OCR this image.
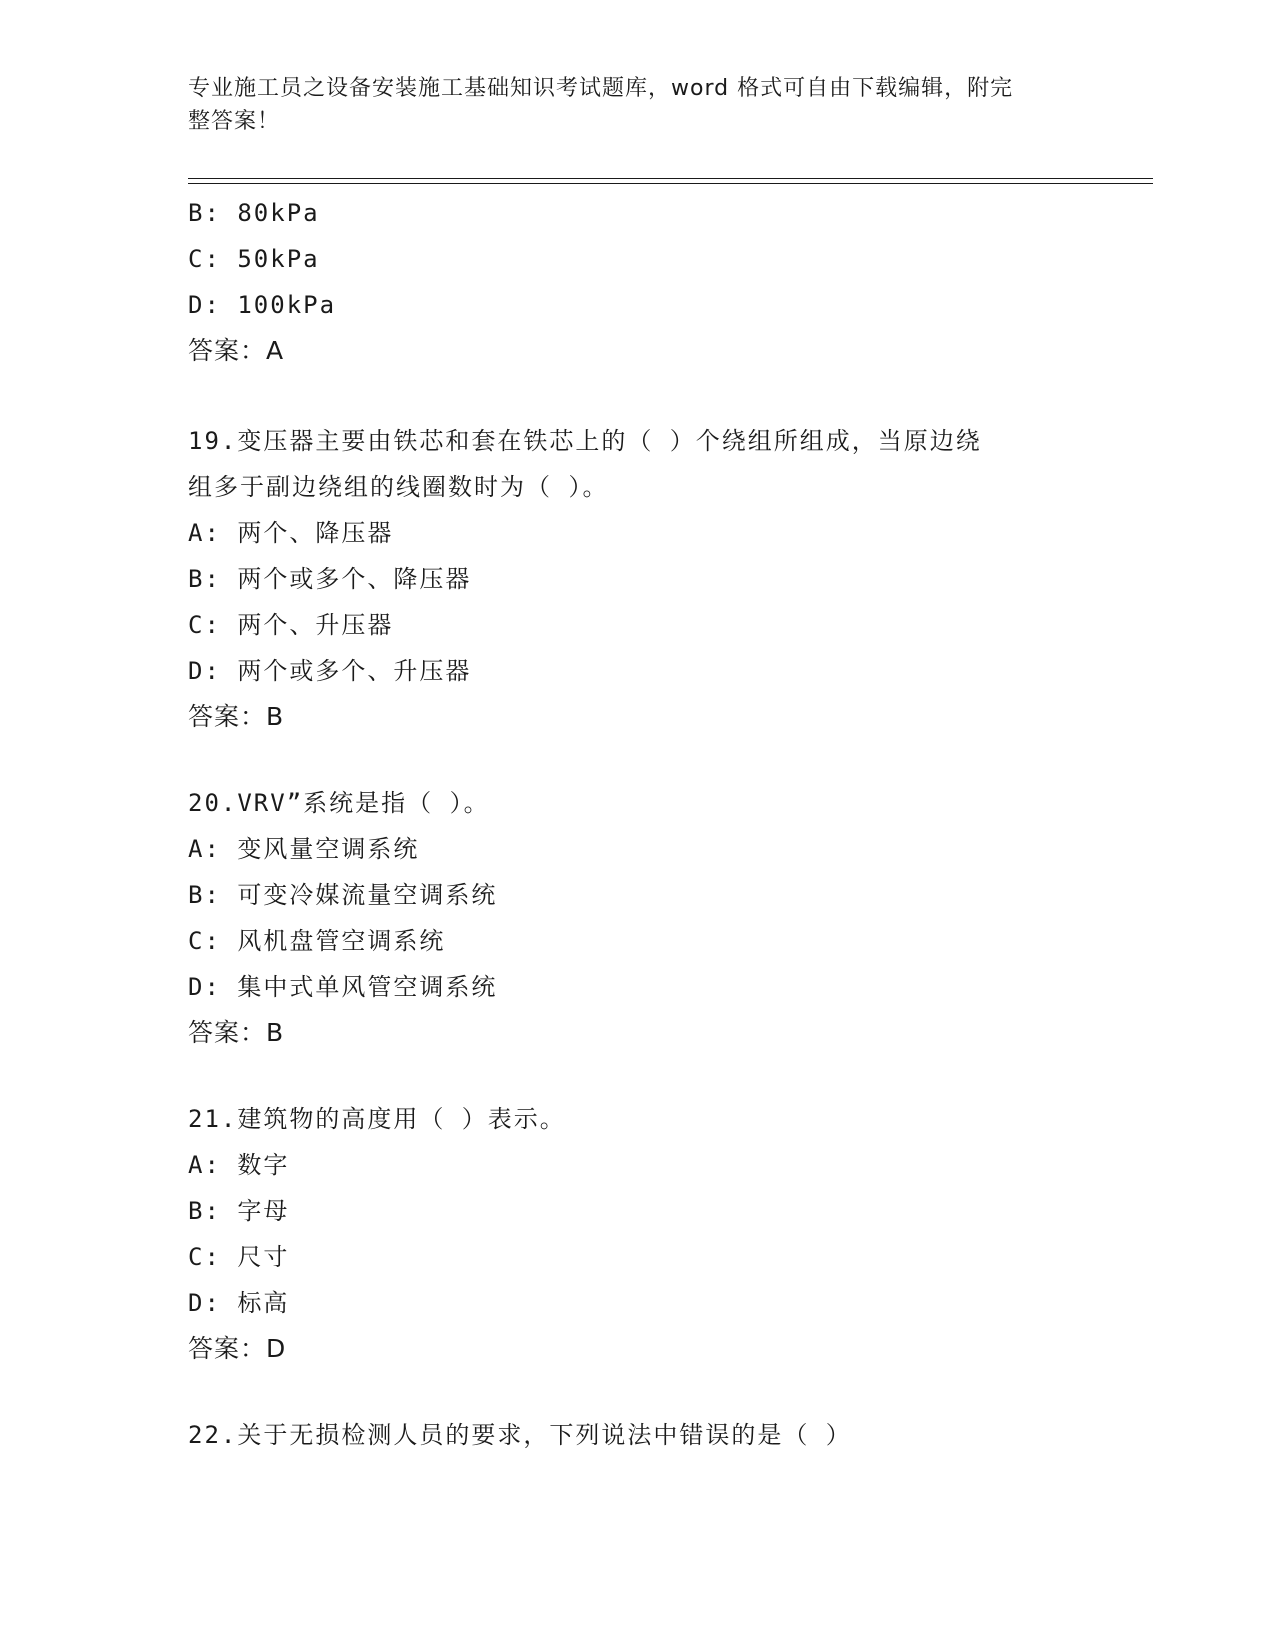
专业施工员之设备安装施工基础知识考试题库，word 格式可自由下载编辑，附完
整答案！
B: 80kPa
C: 50kPa
D: 100kPa
答案：A
19.变压器主要由铁芯和套在铁芯上的（ ）个绕组所组成，当原边绕
组多于副边绕组的线圈数时为（ ）。
A: 两个、降压器
B: 两个或多个、降压器
C: 两个、升压器
D: 两个或多个、升压器
答案：B
20.VRV”系统是指（ ）。
A: 变风量空调系统
B: 可变冷媒流量空调系统
C: 风机盘管空调系统
D: 集中式单风管空调系统
答案：B
21.建筑物的高度用（ ）表示。
A: 数字
B: 字母
C: 尺寸
D: 标高
答案：D
22.关于无损检测人员的要求，下列说法中错误的是（ ）
